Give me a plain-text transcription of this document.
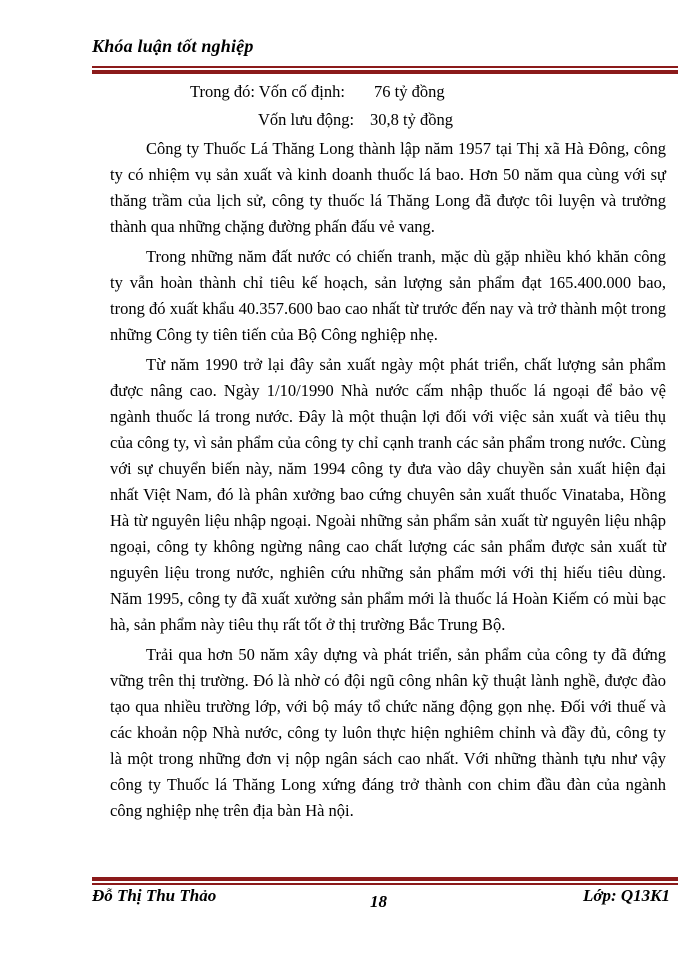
Khóa luận tốt nghiệp
Trong đó: Vốn cố định: 76 tỷ đồng
Vốn lưu động: 30,8 tỷ đồng

Công ty Thuốc Lá Thăng Long thành lập năm 1957 tại Thị xã Hà Đông, công ty có nhiệm vụ sản xuất và kinh doanh thuốc lá bao. Hơn 50 năm qua cùng với sự thăng trầm của lịch sử, công ty thuốc lá Thăng Long đã được tôi luyện và trưởng thành qua những chặng đường phấn đấu vẻ vang.

Trong những năm đất nước có chiến tranh, mặc dù gặp nhiều khó khăn công ty vẫn hoàn thành chỉ tiêu kế hoạch, sản lượng sản phẩm đạt 165.400.000 bao, trong đó xuất khẩu 40.357.600 bao cao nhất từ trước đến nay và trở thành một trong những Công ty tiên tiến của Bộ Công nghiệp nhẹ.

Từ năm 1990 trở lại đây sản xuất ngày một phát triển, chất lượng sản phẩm được nâng cao. Ngày 1/10/1990 Nhà nước cấm nhập thuốc lá ngoại để bảo vệ ngành thuốc lá trong nước. Đây là một thuận lợi đối với việc sản xuất và tiêu thụ của công ty, vì sản phẩm của công ty chỉ cạnh tranh các sản phẩm trong nước. Cùng với sự chuyển biến này, năm 1994 công ty đưa vào dây chuyền sản xuất hiện đại nhất Việt Nam, đó là phân xưởng bao cứng chuyên sản xuất thuốc Vinataba, Hồng Hà từ nguyên liệu nhập ngoại. Ngoài những sản phẩm sản xuất từ nguyên liệu nhập ngoại, công ty không ngừng nâng cao chất lượng các sản phẩm được sản xuất từ nguyên liệu trong nước, nghiên cứu những sản phẩm mới với thị hiếu tiêu dùng. Năm 1995, công ty đã xuất xưởng sản phẩm mới là thuốc lá Hoàn Kiếm có mùi bạc hà, sản phẩm này tiêu thụ rất tốt ở thị trường Bắc Trung Bộ.

Trải qua hơn 50 năm xây dựng và phát triển, sản phẩm của công ty đã đứng vững trên thị trường. Đó là nhờ có đội ngũ công nhân kỹ thuật lành nghề, được đào tạo qua nhiều trường lớp, với bộ máy tổ chức năng động gọn nhẹ. Đối với thuế và các khoản nộp Nhà nước, công ty luôn thực hiện nghiêm chỉnh và đầy đủ, công ty là một trong những đơn vị nộp ngân sách cao nhất. Với những thành tựu như vậy công ty Thuốc lá Thăng Long xứng đáng trở thành con chim đầu đàn của ngành công nghiệp nhẹ trên địa bàn Hà nội.

Đỗ Thị Thu Thảo	18	Lớp: Q13K1
